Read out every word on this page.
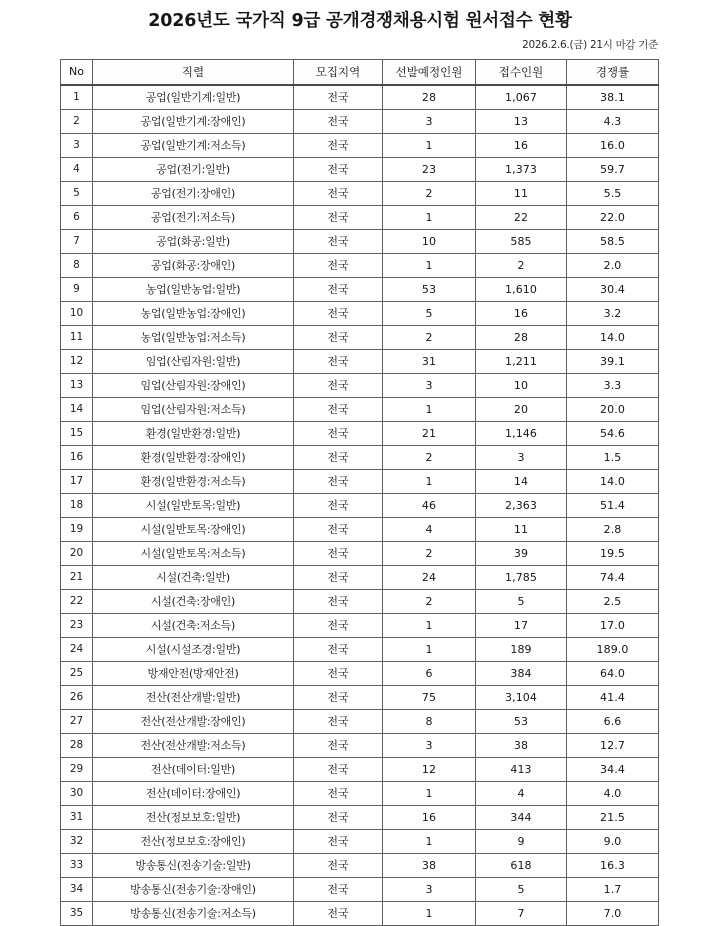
2026년도 국가직 9급 공개경쟁채용시험 원서접수 현황
2026.2.6.(금) 21시 마감 기준
No	직렬	모집지역	선발예정인원	접수인원	경쟁률
1	공업(일반기계:일반)	전국	28	1,067	38.1
2	공업(일반기계:장애인)	전국	3	13	4.3
3	공업(일반기계:저소득)	전국	1	16	16.0
4	공업(전기:일반)	전국	23	1,373	59.7
5	공업(전기:장애인)	전국	2	11	5.5
6	공업(전기:저소득)	전국	1	22	22.0
7	공업(화공:일반)	전국	10	585	58.5
8	공업(화공:장애인)	전국	1	2	2.0
9	농업(일반농업:일반)	전국	53	1,610	30.4
10	농업(일반농업:장애인)	전국	5	16	3.2
11	농업(일반농업:저소득)	전국	2	28	14.0
12	임업(산림자원:일반)	전국	31	1,211	39.1
13	임업(산림자원:장애인)	전국	3	10	3.3
14	임업(산림자원:저소득)	전국	1	20	20.0
15	환경(일반환경:일반)	전국	21	1,146	54.6
16	환경(일반환경:장애인)	전국	2	3	1.5
17	환경(일반환경:저소득)	전국	1	14	14.0
18	시설(일반토목:일반)	전국	46	2,363	51.4
19	시설(일반토목:장애인)	전국	4	11	2.8
20	시설(일반토목:저소득)	전국	2	39	19.5
21	시설(건축:일반)	전국	24	1,785	74.4
22	시설(건축:장애인)	전국	2	5	2.5
23	시설(건축:저소득)	전국	1	17	17.0
24	시설(시설조경:일반)	전국	1	189	189.0
25	방재안전(방재안전)	전국	6	384	64.0
26	전산(전산개발:일반)	전국	75	3,104	41.4
27	전산(전산개발:장애인)	전국	8	53	6.6
28	전산(전산개발:저소득)	전국	3	38	12.7
29	전산(데이터:일반)	전국	12	413	34.4
30	전산(데이터:장애인)	전국	1	4	4.0
31	전산(정보보호:일반)	전국	16	344	21.5
32	전산(정보보호:장애인)	전국	1	9	9.0
33	방송통신(전송기술:일반)	전국	38	618	16.3
34	방송통신(전송기술:장애인)	전국	3	5	1.7
35	방송통신(전송기술:저소득)	전국	1	7	7.0
